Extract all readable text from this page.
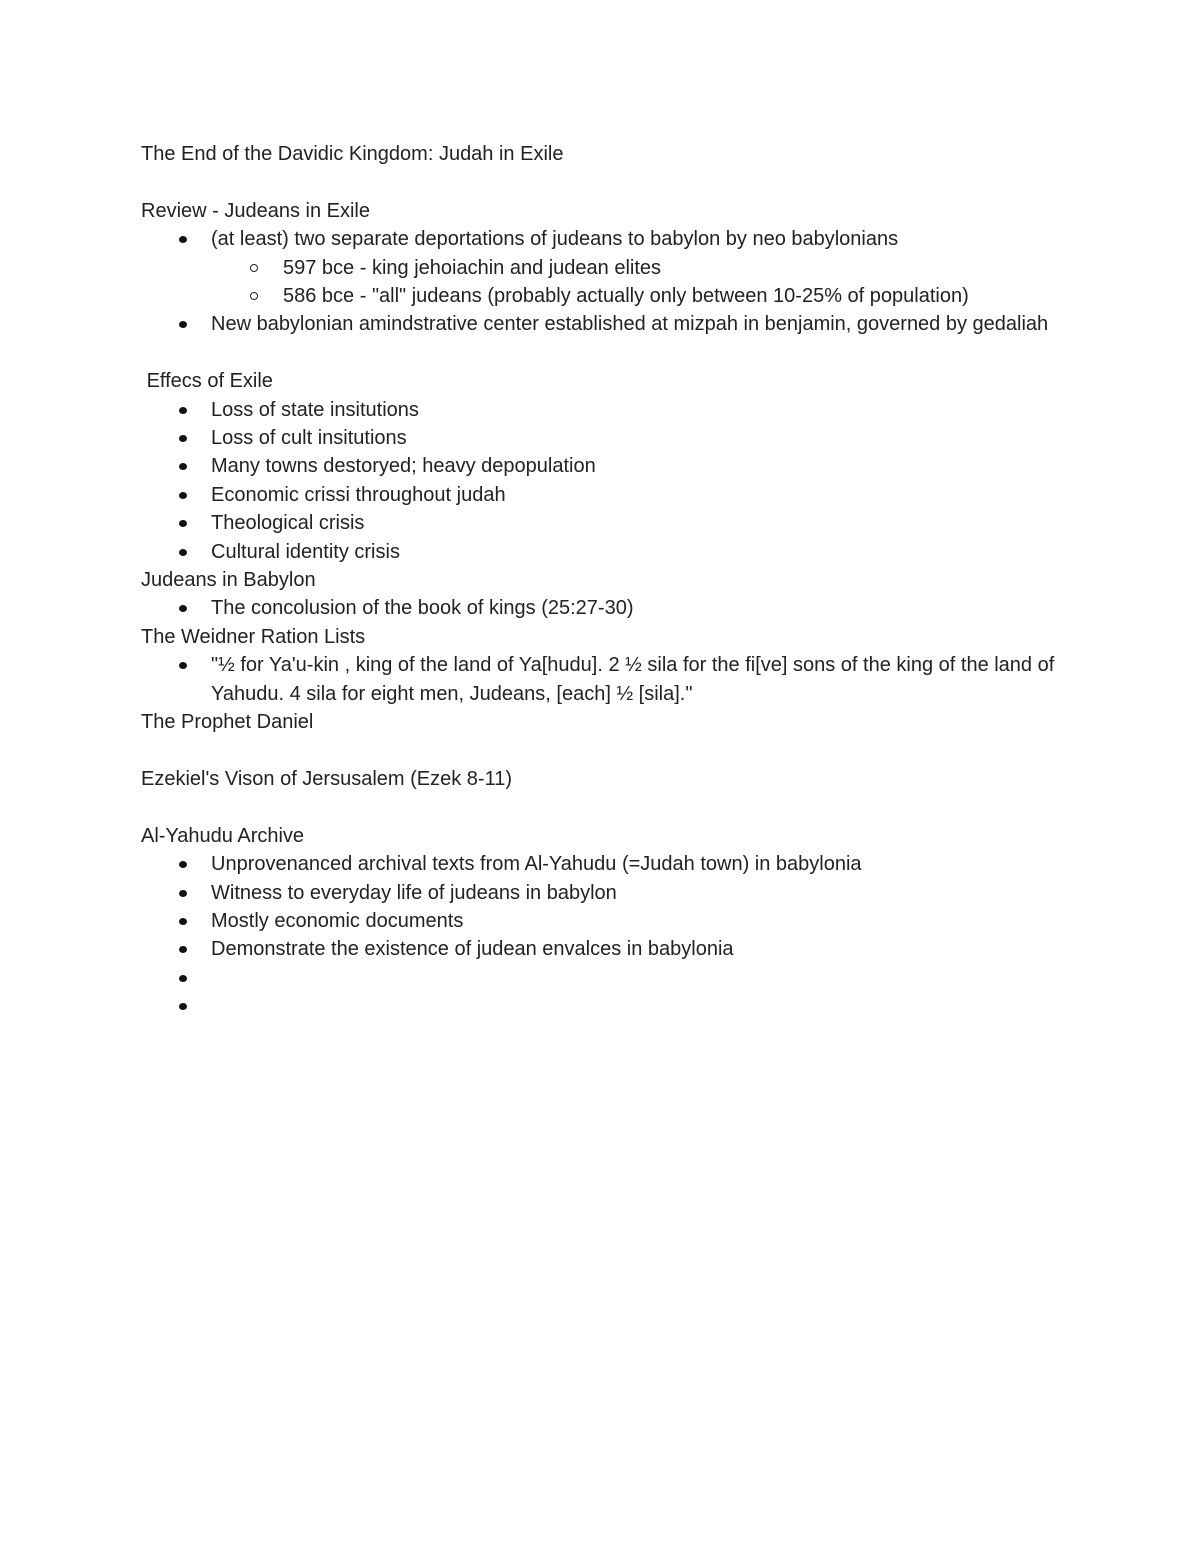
The End of the Davidic Kingdom: Judah in Exile

Review - Judeans in Exile

(at least) two separate deportations of judeans to babylon by neo babylonians
597 bce - king jehoiachin and judean elites
586 bce - "all" judeans (probably actually only between 10-25% of population)
New babylonian amindstrative center established at mizpah in benjamin, governed by gedaliah

Effecs of Exile

Loss of state insitutions
Loss of cult insitutions
Many towns destoryed; heavy depopulation
Economic crissi throughout judah
Theological crisis
Cultural identity crisis

Judeans in Babylon

The concolusion of the book of kings (25:27-30)

The Weidner Ration Lists

"½ for Ya'u-kin , king of the land of Ya[hudu]. 2 ½ sila for the fi[ve] sons of the king of the land of Yahudu. 4 sila for eight men, Judeans, [each] ½ [sila]."

The Prophet Daniel

Ezekiel's Vison of Jersusalem (Ezek 8-11)

Al-Yahudu Archive

Unprovenanced archival texts from Al-Yahudu (=Judah town) in babylonia
Witness to everyday life of judeans in babylon
Mostly economic documents
Demonstrate the existence of judean envalces in babylonia
